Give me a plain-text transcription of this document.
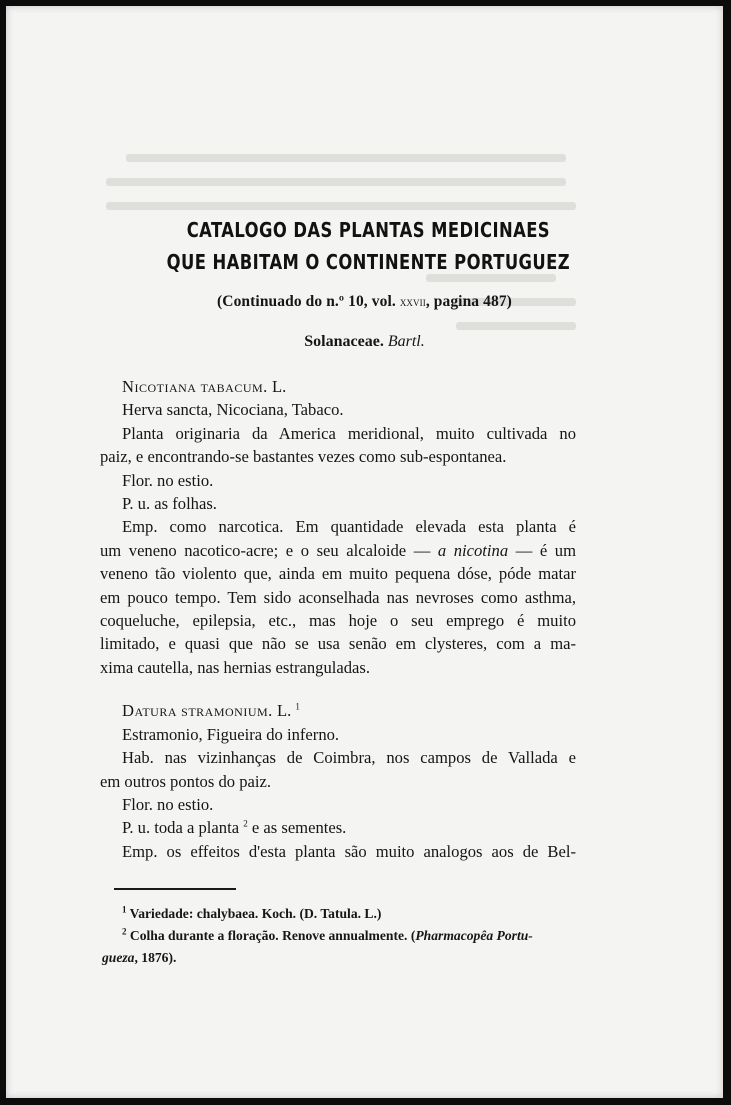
CATALOGO DAS PLANTAS MEDICINAES
QUE HABITAM O CONTINENTE PORTUGUEZ
(Continuado do n.º 10, vol. xxvii, pagina 487)
Solanaceae. Bartl.

Nicotiana tabacum. L.

Herva sancta, Nicociana, Tabaco.

Planta originaria da America meridional, muito cultivada no

paiz, e encontrando-se bastantes vezes como sub-espontanea.

Flor. no estio.

P. u. as folhas.

Emp. como narcotica. Em quantidade elevada esta planta é

um veneno nacotico-acre; e o seu alcaloide — a nicotina — é um

veneno tão violento que, ainda em muito pequena dóse, póde matar

em pouco tempo. Tem sido aconselhada nas nevroses como asthma,

coqueluche, epilepsia, etc., mas hoje o seu emprego é muito

limitado, e quasi que não se usa senão em clysteres, com a ma-

xima cautella, nas hernias estranguladas.

Datura stramonium. L. $^1$

Estramonio, Figueira do inferno.

Hab. nas vizinhanças de Coimbra, nos campos de Vallada e

em outros pontos do paiz.

Flor. no estio.

P. u. toda a planta $^2$ e as sementes.

Emp. os effeitos d'esta planta são muito analogos aos de Bel-

$^1$ Variedade: chalybaea. Koch. (D. Tatula. L.)

$^2$ Colha durante a floração. Renove annualmente. (Pharmacopêa Portu-

gueza, 1876).
